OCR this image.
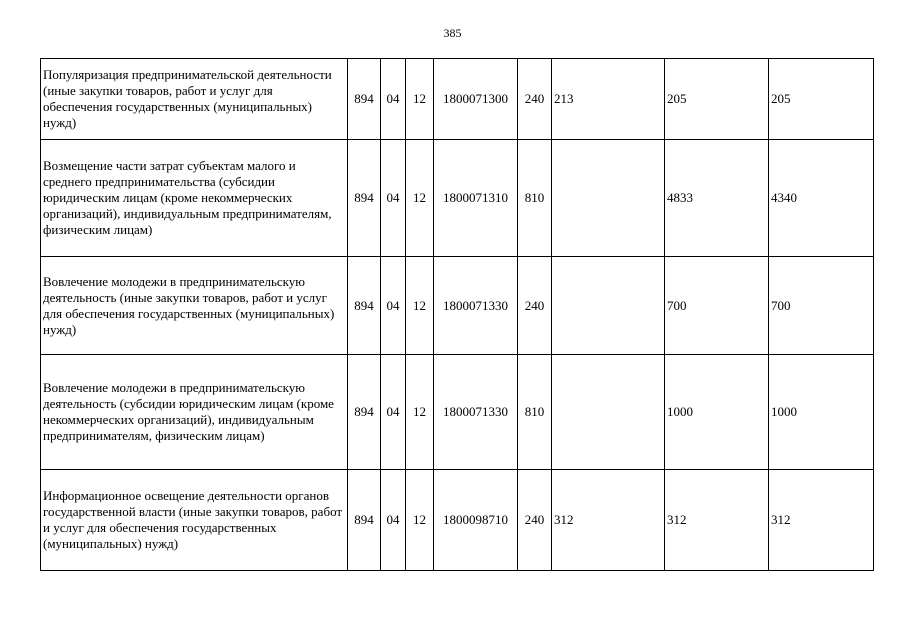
385
Популяризация предпринимательской деятельности (иные закупки товаров, работ и услуг для обеспечения государственных (муниципальных) нужд)	894	04	12	1800071300	240	213	205	205
Возмещение части затрат субъектам малого и среднего предпринимательства (субсидии юридическим лицам (кроме некоммерческих организаций), индивидуальным предпринимателям, физическим лицам)	894	04	12	1800071310	810		4833	4340
Вовлечение молодежи в предпринимательскую деятельность (иные закупки товаров, работ и услуг для обеспечения государственных (муниципальных) нужд)	894	04	12	1800071330	240		700	700
Вовлечение молодежи в предпринимательскую деятельность (субсидии юридическим лицам (кроме некоммерческих организаций), индивидуальным предпринимателям, физическим лицам)	894	04	12	1800071330	810		1000	1000
Информационное освещение деятельности органов государственной власти (иные закупки товаров, работ и услуг для обеспечения государственных (муниципальных) нужд)	894	04	12	1800098710	240	312	312	312
